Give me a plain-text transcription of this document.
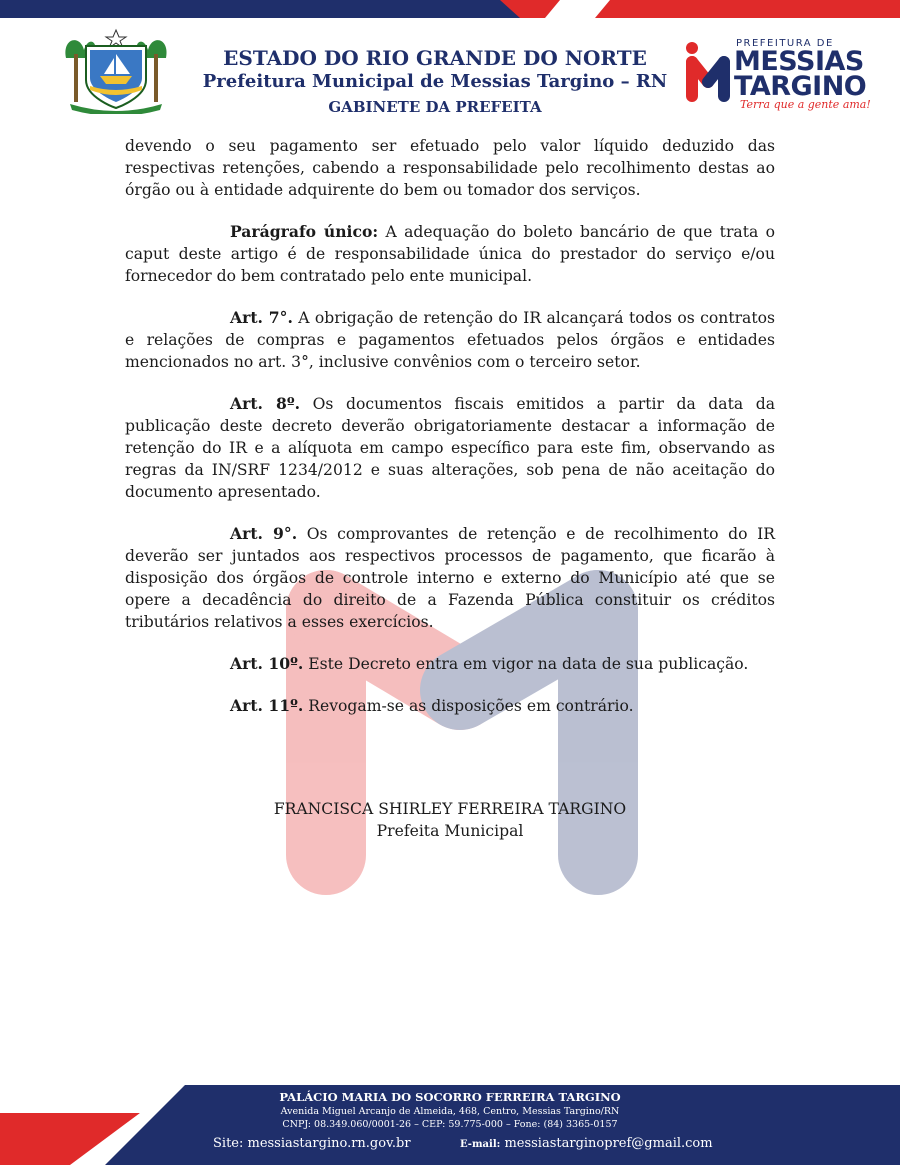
ESTADO DO RIO GRANDE DO NORTE
Prefeitura Municipal de Messias Targino – RN
GABINETE DA PREFEITA
PREFEITURA DE
MESSIAS
TARGINO
Terra que a gente ama!

devendo o seu pagamento ser efetuado pelo valor líquido deduzido das respectivas retenções, cabendo a responsabilidade pelo recolhimento destas ao órgão ou à entidade adquirente do bem ou tomador dos serviços.

Parágrafo único: A adequação do boleto bancário de que trata o caput deste artigo é de responsabilidade única do prestador do serviço e/ou fornecedor do bem contratado pelo ente municipal.

Art. 7°. A obrigação de retenção do IR alcançará todos os contratos e relações de compras e pagamentos efetuados pelos órgãos e entidades mencionados no art. 3°, inclusive convênios com o terceiro setor.

Art. 8º. Os documentos fiscais emitidos a partir da data da publicação deste decreto deverão obrigatoriamente destacar a informação de retenção do IR e a alíquota em campo específico para este fim, observando as regras da IN/SRF 1234/2012 e suas alterações, sob pena de não aceitação do documento apresentado.

Art. 9°. Os comprovantes de retenção e de recolhimento do IR deverão ser juntados aos respectivos processos de pagamento, que ficarão à disposição dos órgãos de controle interno e externo do Município até que se opere a decadência do direito de a Fazenda Pública constituir os créditos tributários relativos a esses exercícios.

Art. 10º. Este Decreto entra em vigor na data de sua publicação.

Art. 11º. Revogam-se as disposições em contrário.

FRANCISCA SHIRLEY FERREIRA TARGINO
Prefeita Municipal
PALÁCIO MARIA DO SOCORRO FERREIRA TARGINO
Avenida Miguel Arcanjo de Almeida, 468, Centro, Messias Targino/RN
CNPJ: 08.349.060/0001-26 – CEP: 59.775-000 – Fone: (84) 3365-0157
Site: messiastargino.rn.gov.br	E-mail: messiastarginopref@gmail.com
